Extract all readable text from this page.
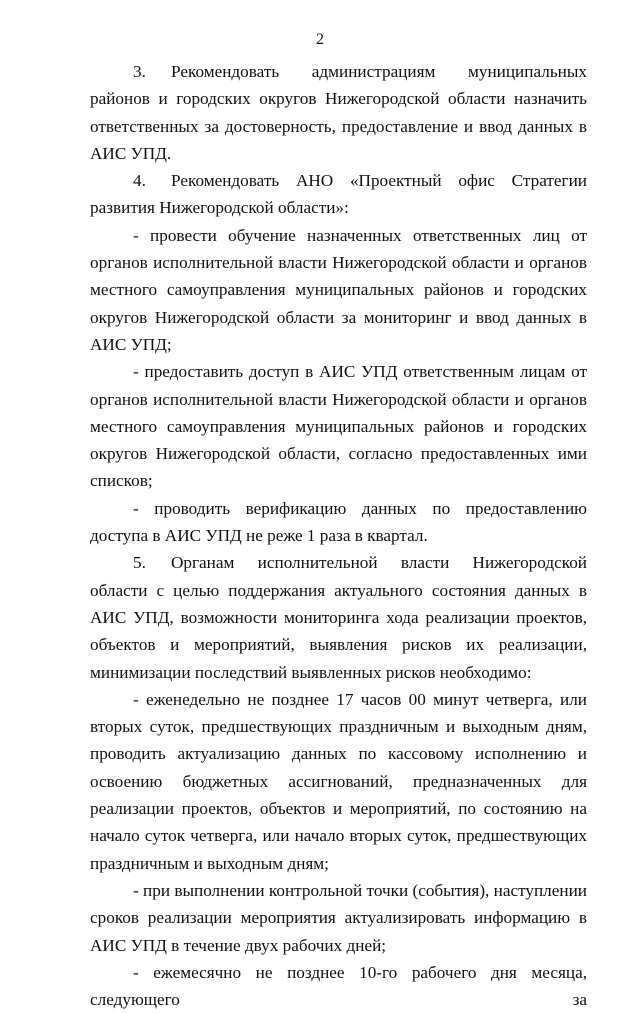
2

3. Рекомендовать администрациям муниципальных районов и городских округов Нижегородской области назначить ответственных за достоверность, предоставление и ввод данных в АИС УПД.

4. Рекомендовать АНО «Проектный офис Стратегии развития Нижегородской области»:

- провести обучение назначенных ответственных лиц от органов исполнительной власти Нижегородской области и органов местного самоуправления муниципальных районов и городских округов Нижегородской области за мониторинг и ввод данных в АИС УПД;

- предоставить доступ в АИС УПД ответственным лицам от органов исполнительной власти Нижегородской области и органов местного самоуправления муниципальных районов и городских округов Нижегородской области, согласно предоставленных ими списков;

- проводить верификацию данных по предоставлению доступа в АИС УПД не реже 1 раза в квартал.

5. Органам исполнительной власти Нижегородской области с целью поддержания актуального состояния данных в АИС УПД, возможности мониторинга хода реализации проектов, объектов и мероприятий, выявления рисков их реализации, минимизации последствий выявленных рисков необходимо:

- еженедельно не позднее 17 часов 00 минут четверга, или вторых суток, предшествующих праздничным и выходным дням, проводить актуализацию данных по кассовому исполнению и освоению бюджетных ассигнований, предназначенных для реализации проектов, объектов и мероприятий, по состоянию на начало суток четверга, или начало вторых суток, предшествующих праздничным и выходным дням;

- при выполнении контрольной точки (события), наступлении сроков реализации мероприятия актуализировать информацию в АИС УПД в течение двух рабочих дней;

- ежемесячно не позднее 10-го рабочего дня месяца, следующего за
